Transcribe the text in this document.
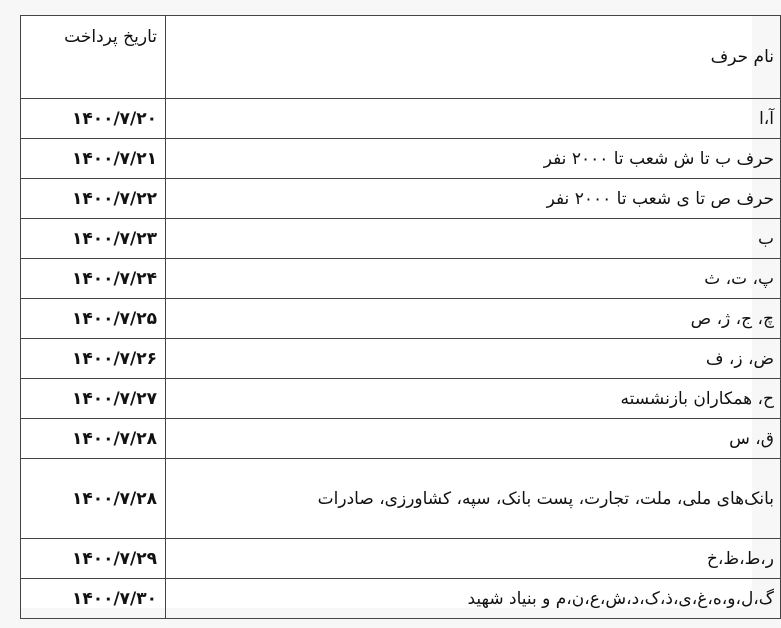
نام حرف	تاریخ پرداخت
آ،ا	۱۴۰۰/۷/۲۰
حرف ب تا ش شعب تا ۲۰۰۰ نفر	۱۴۰۰/۷/۲۱
حرف ص تا ی شعب تا ۲۰۰۰ نفر	۱۴۰۰/۷/۲۲
ب	۱۴۰۰/۷/۲۳
پ، ت، ث	۱۴۰۰/۷/۲۴
چ، ج، ژ، ص	۱۴۰۰/۷/۲۵
ض، ز، ف	۱۴۰۰/۷/۲۶
ح، همکاران بازنشسته	۱۴۰۰/۷/۲۷
ق، س	۱۴۰۰/۷/۲۸
بانک‌های ملی، ملت، تجارت، پست بانک، سپه، کشاورزی، صادرات	۱۴۰۰/۷/۲۸
ر،ط،ظ،خ	۱۴۰۰/۷/۲۹
گ،ل،و،ه،غ،ی،ذ،ک،د،ش،ع،ن،م و بنیاد شهید	۱۴۰۰/۷/۳۰
